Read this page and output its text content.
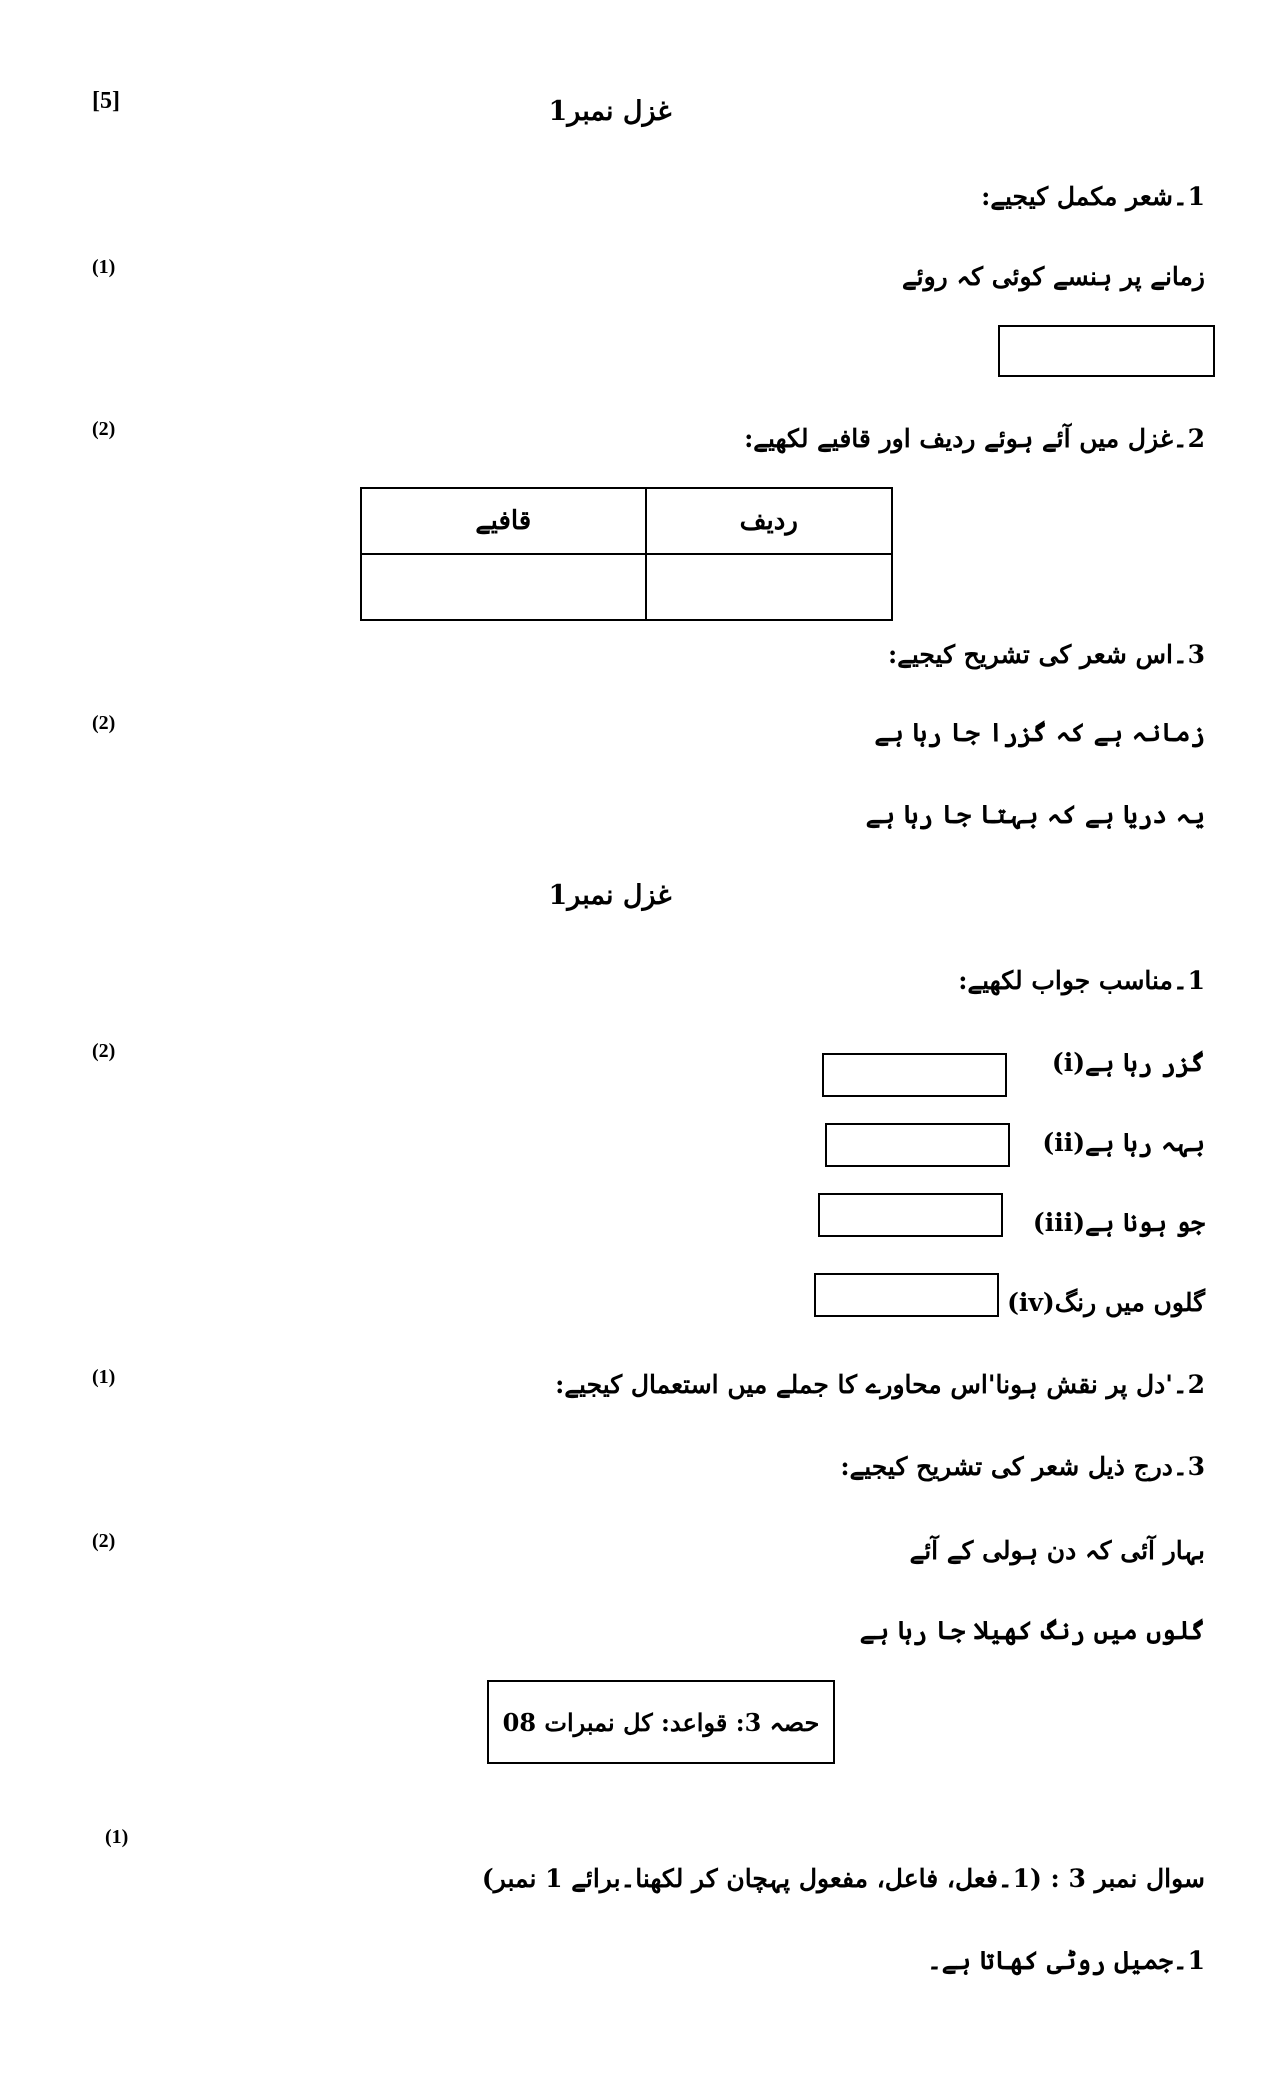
[5]	غزل نمبر1
1۔شعر مکمل کیجیے:
(1)	زمانے پر ہنسے کوئی کہ روئے
(2)	2۔غزل میں آئے ہوئے ردیف اور قافیے لکھیے:
قافیے	ردیف

3۔اس شعر کی تشریح کیجیے:
(2)	زمانہ ہے کہ گزرا جا رہا ہے
یہ دریا ہے کہ بہتا جا رہا ہے
غزل نمبر1
1۔مناسب جواب لکھیے:
(2)	(i)گزر رہا ہے
(ii)بہہ رہا ہے
(iii)جو ہونا ہے
(iv)گلوں میں رنگ
(1)	2۔'دل پر نقش ہونا'اس محاورے کا جملے میں استعمال کیجیے:
3۔درج ذیل شعر کی تشریح کیجیے:
(2)	بہار آئی کہ دن ہولی کے آئے
گلوں میں رنگ کھیلا جا رہا ہے
حصہ 3: قواعد: کل نمبرات 08
(1)
سوال نمبر 3 : (1۔فعل، فاعل، مفعول پہچان کر لکھنا۔برائے 1 نمبر)
1۔جمیل روٹی کھاتا ہے۔
